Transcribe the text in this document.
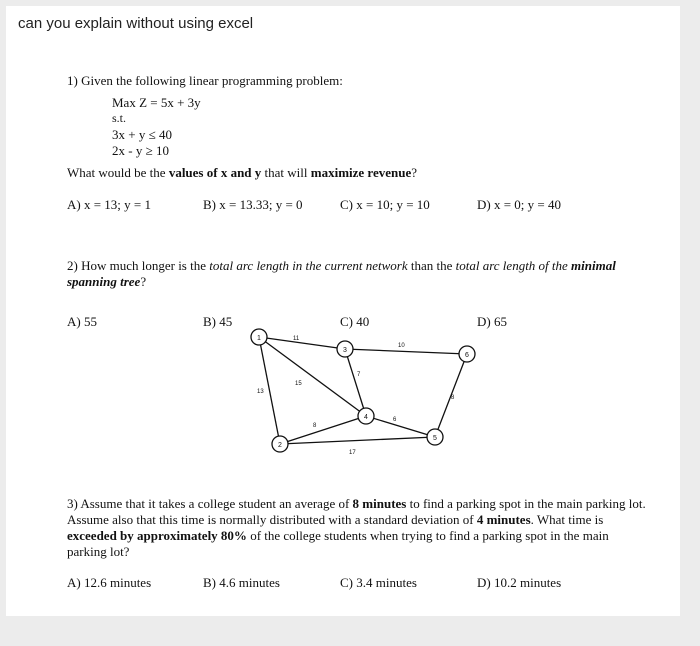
can you explain without using excel
1) Given the following linear programming problem:
Max Z = 5x + 3y
s.t.
3x + y ≤ 40
2x - y ≥ 10
What would be the values of x and y that will maximize revenue?
A) x = 13; y = 1	B) x = 13.33; y = 0	C) x = 10; y = 10	D) x = 0; y = 40
2) How much longer is the total arc length in the current network than the total arc length of the minimal
spanning tree?
A) 55	B) 45	C) 40	D) 65
11
13
15
10
7
8
6
17
8
1
2
3
4
5
6
3) Assume that it takes a college student an average of 8 minutes to find a parking spot in the main parking lot. Assume also that this time is normally distributed with a standard deviation of 4 minutes. What time is exceeded by approximately 80% of the college students when trying to find a parking spot in the main parking lot?
A) 12.6 minutes	B) 4.6 minutes	C) 3.4 minutes	D) 10.2 minutes
